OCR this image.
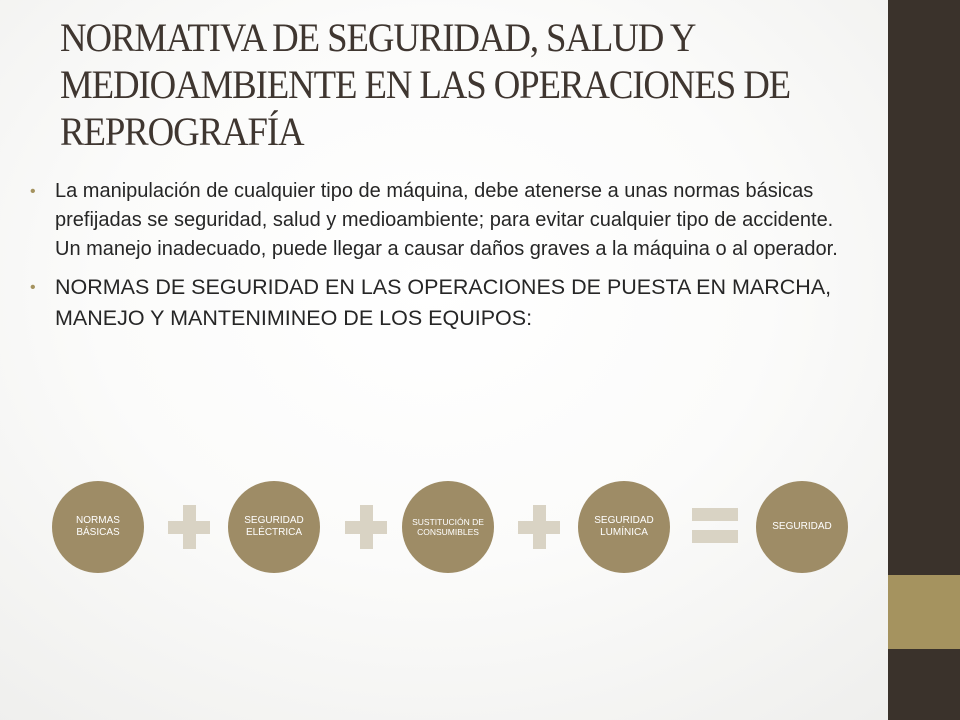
NORMATIVA DE SEGURIDAD, SALUD Y MEDIOAMBIENTE EN LAS OPERACIONES DE REPROGRAFÍA
• La manipulación de cualquier tipo de máquina, debe atenerse a unas normas básicas prefijadas se seguridad, salud y medioambiente; para evitar cualquier tipo de accidente. Un manejo inadecuado, puede llegar a causar daños graves a la máquina o al operador.
• NORMAS DE SEGURIDAD EN LAS OPERACIONES DE PUESTA EN MARCHA, MANEJO Y MANTENIMINEO DE LOS EQUIPOS:
NORMAS BÁSICAS
SEGURIDAD ELÉCTRICA
SUSTITUCIÓN DE CONSUMIBLES
SEGURIDAD LUMÍNICA
SEGURIDAD
